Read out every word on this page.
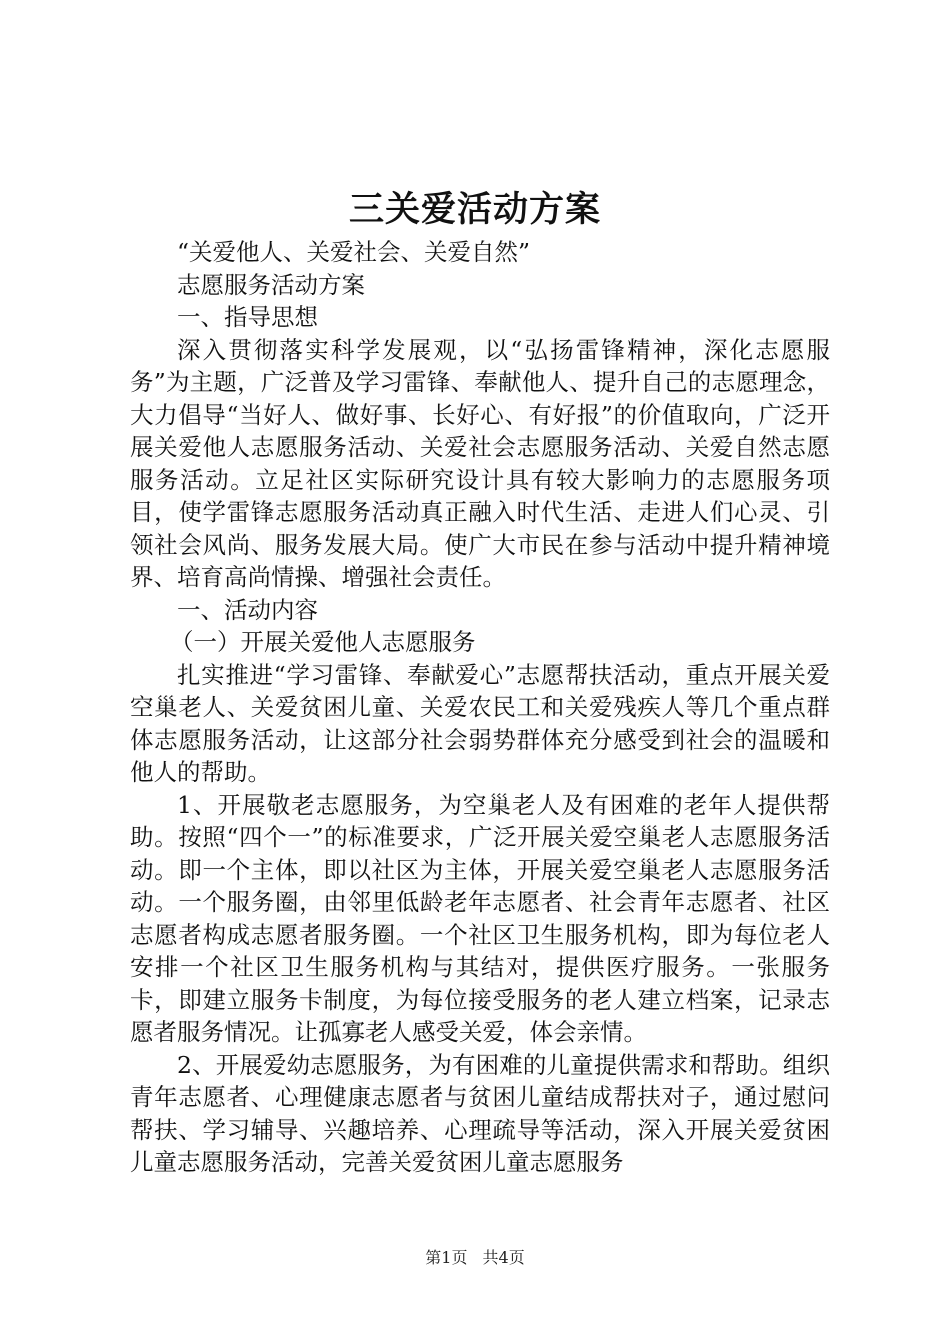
三关爱活动方案

“关爱他人、关爱社会、关爱自然”

志愿服务活动方案

一、指导思想

深入贯彻落实科学发展观，以“弘扬雷锋精神，深化志愿服务”为主题，广泛普及学习雷锋、奉献他人、提升自己的志愿理念，大力倡导“当好人、做好事、长好心、有好报”的价值取向，广泛开展关爱他人志愿服务活动、关爱社会志愿服务活动、关爱自然志愿服务活动。立足社区实际研究设计具有较大影响力的志愿服务项目，使学雷锋志愿服务活动真正融入时代生活、走进人们心灵、引领社会风尚、服务发展大局。使广大市民在参与活动中提升精神境界、培育高尚情操、增强社会责任。

一、活动内容

（一）开展关爱他人志愿服务

扎实推进“学习雷锋、奉献爱心”志愿帮扶活动，重点开展关爱空巢老人、关爱贫困儿童、关爱农民工和关爱残疾人等几个重点群体志愿服务活动，让这部分社会弱势群体充分感受到社会的温暖和他人的帮助。

1、开展敬老志愿服务，为空巢老人及有困难的老年人提供帮助。按照“四个一”的标准要求，广泛开展关爱空巢老人志愿服务活动。即一个主体，即以社区为主体，开展关爱空巢老人志愿服务活动。一个服务圈，由邻里低龄老年志愿者、社会青年志愿者、社区志愿者构成志愿者服务圈。一个社区卫生服务机构，即为每位老人安排一个社区卫生服务机构与其结对，提供医疗服务。一张服务卡，即建立服务卡制度，为每位接受服务的老人建立档案，记录志愿者服务情况。让孤寡老人感受关爱，体会亲情。

2、开展爱幼志愿服务，为有困难的儿童提供需求和帮助。组织青年志愿者、心理健康志愿者与贫困儿童结成帮扶对子，通过慰问帮扶、学习辅导、兴趣培养、心理疏导等活动，深入开展关爱贫困儿童志愿服务活动，完善关爱贫困儿童志愿服务

第1页 共4页
